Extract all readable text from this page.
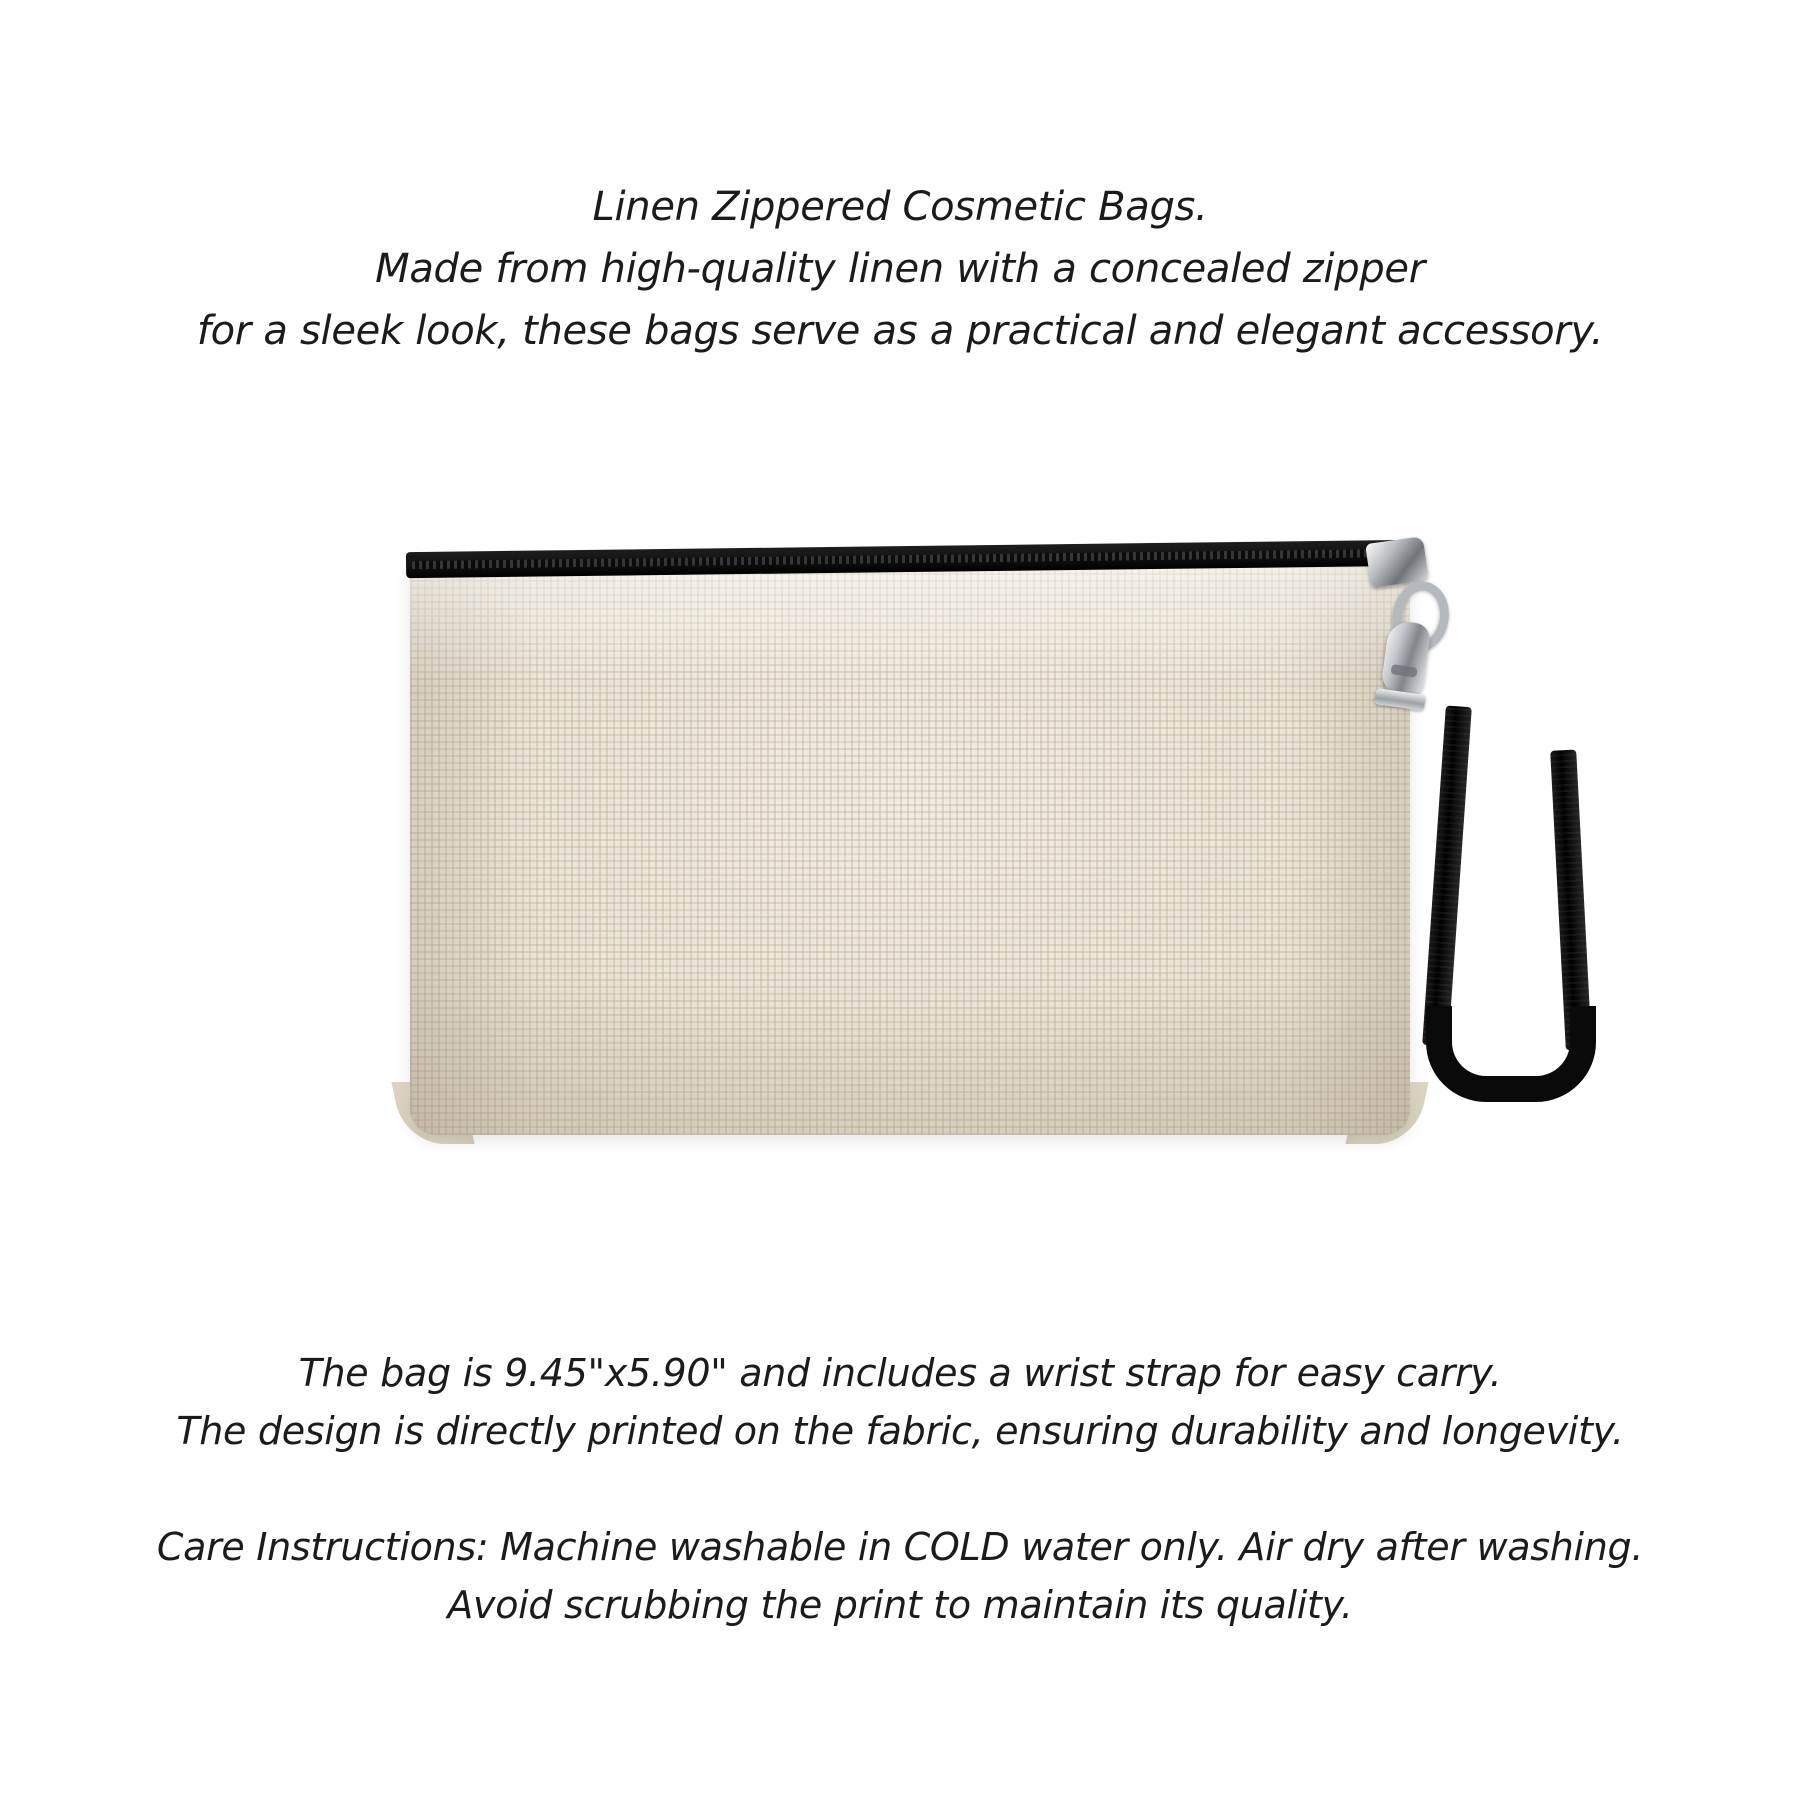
Linen Zippered Cosmetic Bags.
Made from high-quality linen with a concealed zipper
for a sleek look, these bags serve as a practical and elegant accessory.
The bag is 9.45"x5.90" and includes a wrist strap for easy carry.
The design is directly printed on the fabric, ensuring durability and longevity.
Care Instructions: Machine washable in COLD water only. Air dry after washing.
Avoid scrubbing the print to maintain its quality.
